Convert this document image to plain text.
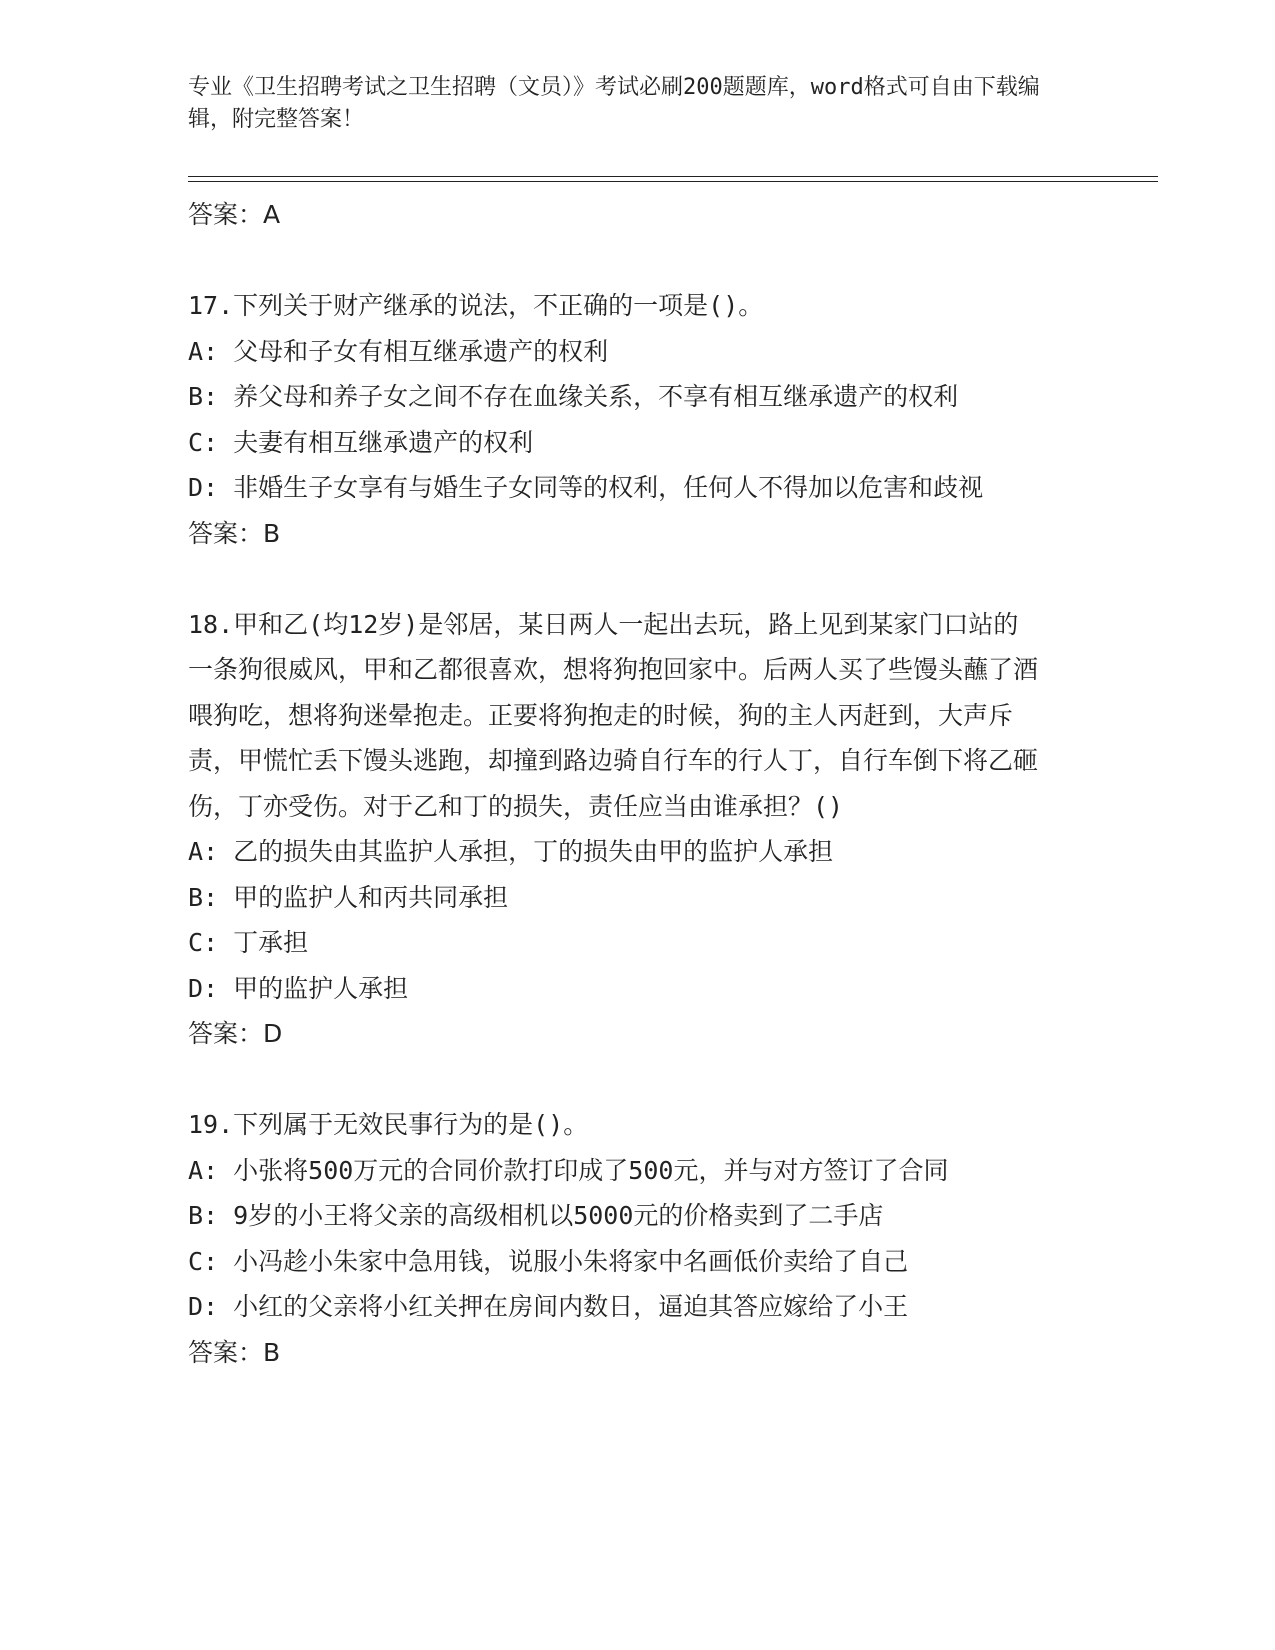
专业《卫生招聘考试之卫生招聘（文员）》考试必刷200题题库，word格式可自由下载编辑，附完整答案！
答案：A
17.下列关于财产继承的说法，不正确的一项是()。
A: 父母和子女有相互继承遗产的权利
B: 养父母和养子女之间不存在血缘关系，不享有相互继承遗产的权利
C: 夫妻有相互继承遗产的权利
D: 非婚生子女享有与婚生子女同等的权利，任何人不得加以危害和歧视
答案：B
18.甲和乙(均12岁)是邻居，某日两人一起出去玩，路上见到某家门口站的一条狗很威风，甲和乙都很喜欢，想将狗抱回家中。后两人买了些馒头蘸了酒喂狗吃，想将狗迷晕抱走。正要将狗抱走的时候，狗的主人丙赶到，大声斥责，甲慌忙丢下馒头逃跑，却撞到路边骑自行车的行人丁，自行车倒下将乙砸伤，丁亦受伤。对于乙和丁的损失，责任应当由谁承担？()
A: 乙的损失由其监护人承担，丁的损失由甲的监护人承担
B: 甲的监护人和丙共同承担
C: 丁承担
D: 甲的监护人承担
答案：D
19.下列属于无效民事行为的是()。
A: 小张将500万元的合同价款打印成了500元，并与对方签订了合同
B: 9岁的小王将父亲的高级相机以5000元的价格卖到了二手店
C: 小冯趁小朱家中急用钱，说服小朱将家中名画低价卖给了自己
D: 小红的父亲将小红关押在房间内数日，逼迫其答应嫁给了小王
答案：B
